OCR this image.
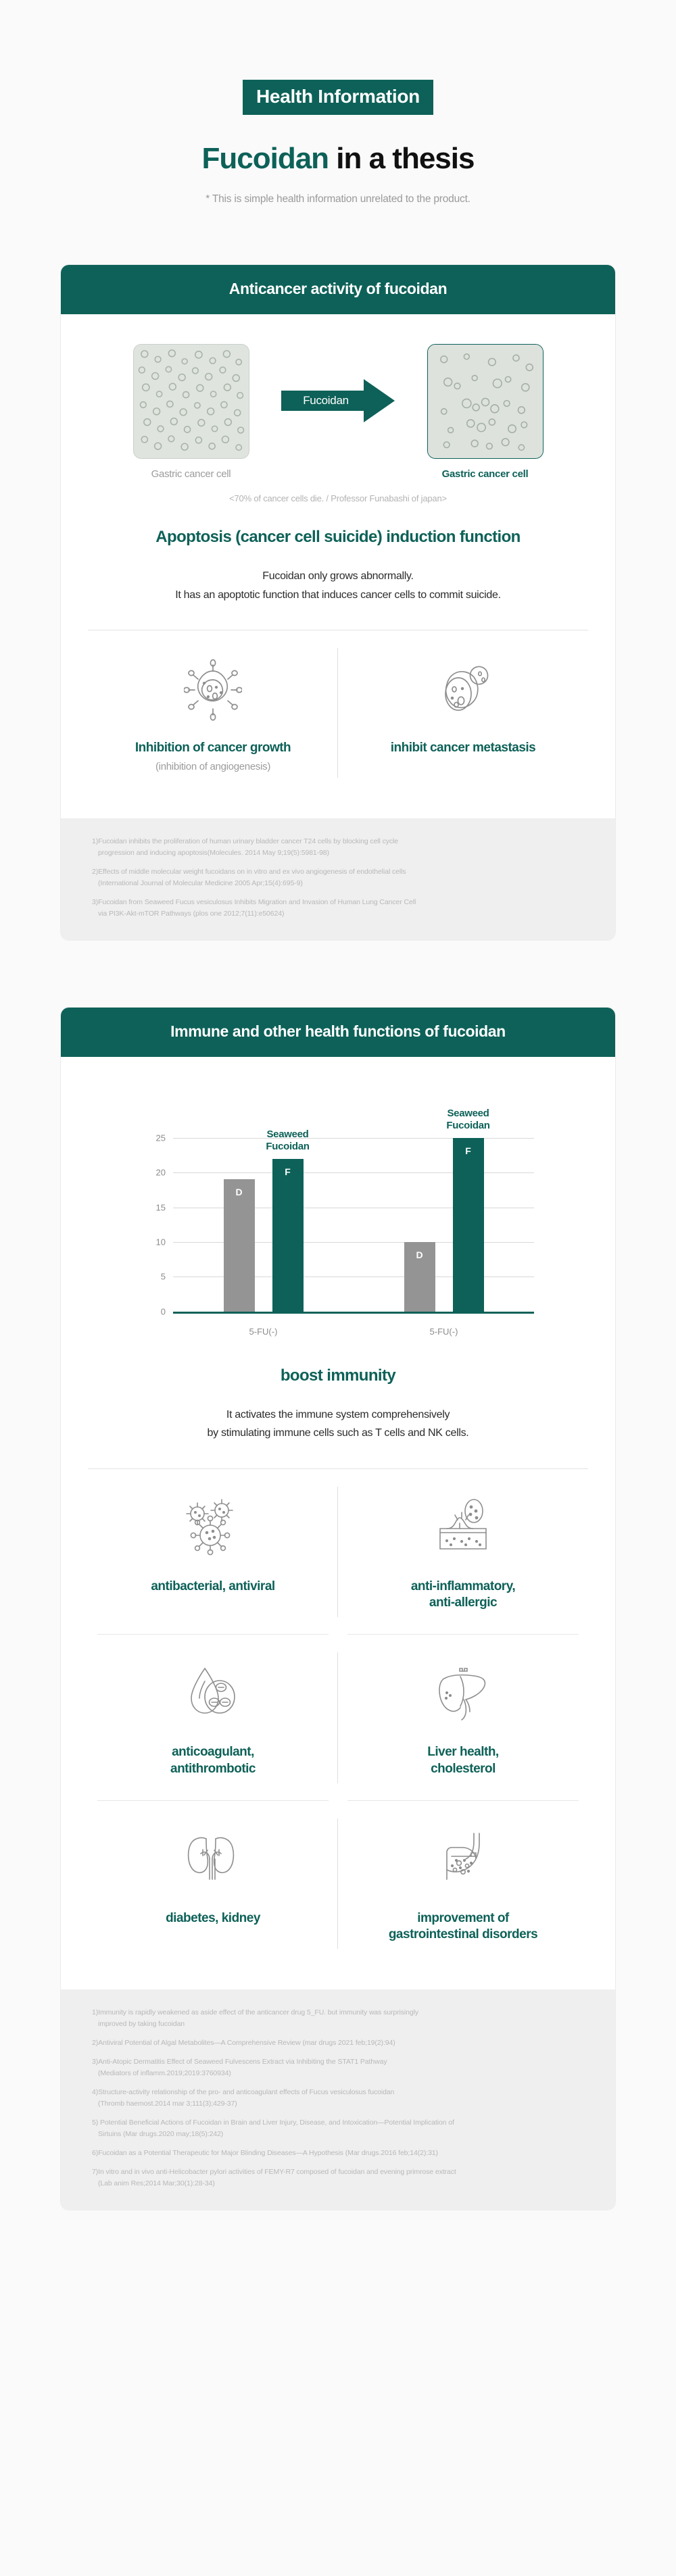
Health Information
Fucoidan in a thesis
* This is simple health information unrelated to the product.
Anticancer activity of fucoidan
Gastric cancer cell
Fucoidan
Gastric cancer cell
<70% of cancer cells die. / Professor Funabashi of japan>
Apoptosis (cancer cell suicide) induction function
Fucoidan only grows abnormally.
It has an apoptotic function that induces cancer cells to commit suicide.
Inhibition of cancer growth
(inhibition of angiogenesis)
inhibit cancer metastasis
1)Fucoidan inhibits the proliferation of human urinary bladder cancer T24 cells by blocking cell cycle
progression and inducing apoptosis(Molecules. 2014 May 9;19(5):5981-98)
2)Effects of middle molecular weight fucoidans on in vitro and ex vivo angiogenesis of endothelial cells
(International Journal of Molecular Medicine 2005 Apr;15(4):695-9)
3)Fucoidan from Seaweed Fucus vesiculosus Inhibits Migration and Invasion of Human Lung Cancer Cell
via PI3K-Akt-mTOR Pathways (plos one 2012;7(11):e50624)
Immune and other health functions of fucoidan
0
5
10
15
20
25
D
Seaweed
Fucoidan
F
D
Seaweed
Fucoidan
F
5-FU(-)	5-FU(-)
boost immunity
It activates the immune system comprehensively
by stimulating immune cells such as T cells and NK cells.
antibacterial, antiviral	anti-inflammatory,
anti-allergic
anticoagulant,
antithrombotic
Liver health,
cholesterol
diabetes, kidney	improvement of
gastrointestinal disorders
1)Immunity is rapidly weakened as aside effect of the anticancer drug 5_FU. but immunity was surprisingly
improved by taking fucoidan
2)Antiviral Potential of Algal Metabolites—A Comprehensive Review (mar drugs 2021 feb;19(2):94)
3)Anti-Atopic Dermatitis Effect of Seaweed Fulvescens Extract via Inhibiting the STAT1 Pathway
(Mediators of inflamm.2019;2019:3760934)
4)Structure-activity relationship of the pro- and anticoagulant effects of Fucus vesiculosus fucoidan
(Thromb haemost.2014 mar 3;111(3);429-37)
5) Potential Beneficial Actions of Fucoidan in Brain and Liver Injury, Disease, and Intoxication—Potential Implication of
Sirtuins (Mar drugs.2020 may;18(5):242)
6)Fucoidan as a Potential Therapeutic for Major Blinding Diseases—A Hypothesis (Mar drugs.2016 feb;14(2):31)
7)In vitro and in vivo anti-Helicobacter pylori activities of FEMY-R7 composed of fucoidan and evening primrose extract
(Lab anim Res;2014 Mar;30(1):28-34)
